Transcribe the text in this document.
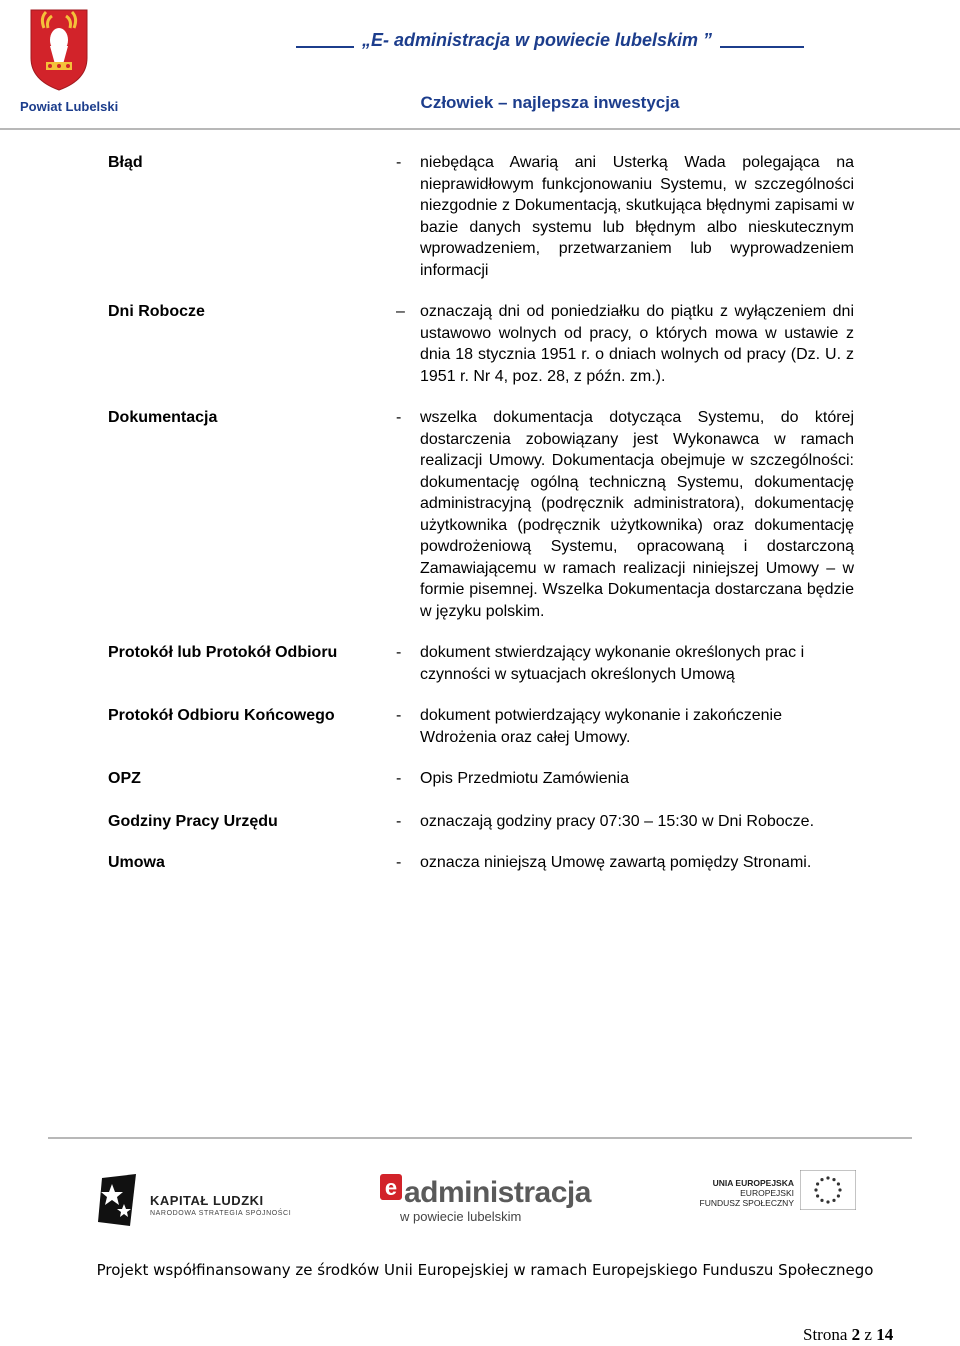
Powiat Lubelski
„E- administracja w powiecie lubelskim ”
Człowiek – najlepsza inwestycja
Błąd	-	niebędąca Awarią ani Usterką Wada polegająca na nieprawidłowym funkcjonowaniu Systemu, w szczególności niezgodnie z Dokumentacją, skutkująca błędnymi zapisami w bazie danych systemu lub błędnym albo nieskutecznym wprowadzeniem, przetwarzaniem lub wyprowadzeniem informacji
Dni Robocze	– oznaczają dni od poniedziałku do piątku z wyłączeniem dni ustawowo wolnych od pracy, o których mowa w ustawie z dnia 18 stycznia 1951 r. o dniach wolnych od pracy (Dz. U. z 1951 r. Nr 4, poz. 28, z późn. zm.).
Dokumentacja	-	wszelka dokumentacja dotycząca Systemu, do której dostarczenia zobowiązany jest Wykonawca w ramach realizacji Umowy. Dokumentacja obejmuje w szczególności: dokumentację ogólną techniczną Systemu, dokumentację administracyjną (podręcznik administratora), dokumentację użytkownika (podręcznik użytkownika) oraz dokumentację powdrożeniową Systemu, opracowaną i dostarczoną Zamawiającemu w ramach realizacji niniejszej Umowy – w formie pisemnej. Wszelka Dokumentacja dostarczana będzie w języku polskim.
Protokół lub Protokół Odbioru	-	dokument stwierdzający wykonanie określonych prac i czynności w sytuacjach określonych Umową
Protokół Odbioru Końcowego	-	dokument potwierdzający wykonanie i zakończenie Wdrożenia oraz całej Umowy.
OPZ	-	Opis Przedmiotu Zamówienia
Godziny Pracy Urzędu	-	oznaczają godziny pracy 07:30 – 15:30 w Dni Robocze.
Umowa	-	oznacza niniejszą Umowę zawartą pomiędzy Stronami.
KAPITAŁ LUDZKI
NARODOWA STRATEGIA SPÓJNOŚCI
e administracja
w powiecie lubelskim
UNIA EUROPEJSKA
EUROPEJSKI
FUNDUSZ SPOŁECZNY
Projekt współfinansowany ze środków Unii Europejskiej w ramach Europejskiego Funduszu Społecznego
Strona 2 z 14
